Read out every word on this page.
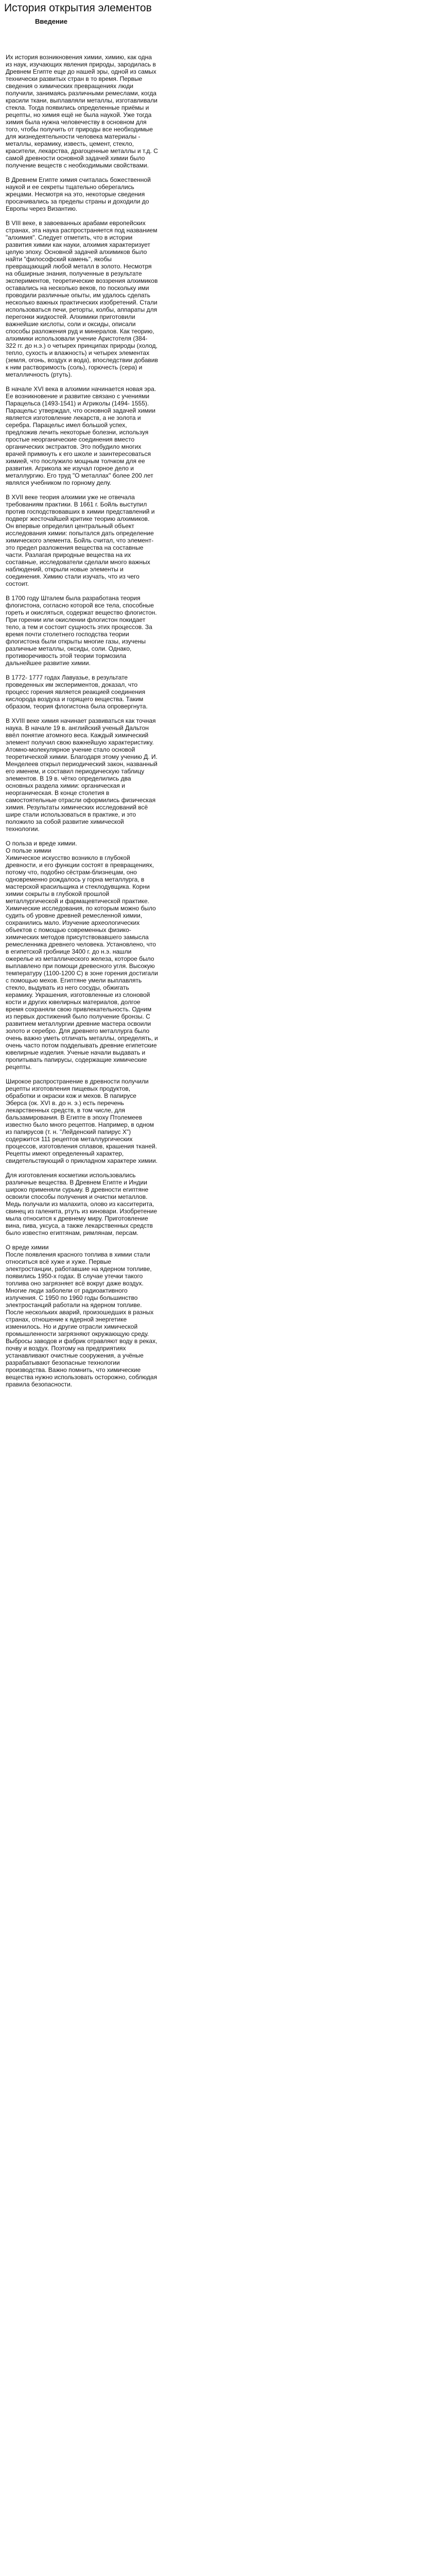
История открытия элементов
Введение

Их история возникновения химии, химию, как одна из наук, изучающих явления природы, зародилась в Древнем Египте еще до нашей эры, одной из самых технически развитых стран в то время. Первые сведения о химических превращениях люди получили, занимаясь различными ремеслами, когда красили ткани, выплавляли металлы, изготавливали стекла. Тогда появились определенные приёмы и рецепты, но химия ещё не была наукой. Уже тогда химия была нужна человечеству в основном для того, чтобы получить от природы все необходимые для жизнедеятельности человека материалы - металлы, керамику, известь, цемент, стекло, красители, лекарства, драгоценные металлы и т.д. С самой древности основной задачей химии было получение веществ с необходимыми свойствами.

В Древнем Египте химия считалась божественной наукой и ее секреты тщательно оберегались жрецами. Несмотря на это, некоторые сведения просачивались за пределы страны и доходили до Европы через Византию.

В VIII веке, в завоеванных арабами европейских странах, эта наука распространяется под названием "алхимия". Следует отметить, что в истории развития химии как науки, алхимия характеризует целую эпоху. Основной задачей алхимиков было найти "философский камень", якобы превращающий любой металл в золото. Несмотря на обширные знания, полученные в результате экспериментов, теоретические воззрения алхимиков оставались на несколько веков, по поскольку ими проводили различные опыты, им удалось сделать несколько важных практических изобретений. Стали использоваться печи, реторты, колбы, аппараты для перегонки жидкостей. Алхимики приготовили важнейшие кислоты, соли и оксиды, описали способы разложения руд и минералов. Как теорию, алхимики использовали учение Аристотеля (384- 322 гг. до н.э.) о четырех принципах природы (холод, тепло, сухость и влажность) и четырех элементах (земля, огонь, воздух и вода), впоследствии добавив к ним растворимость (соль), горючесть (сера) и металличность (ртуть).

В начале XVI века в алхимии начинается новая эра. Ее возникновение и развитие связано с учениями Парацельса (1493-1541) и Агриколы (1494- 1555). Парацельс утверждал, что основной задачей химии является изготовление лекарств, а не золота и серебра. Парацельс имел большой успех, предложив лечить некоторые болезни, используя простые неорганические соединения вместо органических экстрактов. Это побудило многих врачей примкнуть к его школе и заинтересоваться химией, что послужило мощным толчком для ее развития. Агрикола же изучал горное дело и металлургию. Его труд "О металлах" более 200 лет являлся учебником по горному делу.

В XVII веке теория алхимии уже не отвечала требованиям практики. В 1661 г. Бойль выступил против господствовавших в химии представлений и подверг жесточайшей критике теорию алхимиков. Он впервые определил центральный объект исследования химии: попытался дать определение химического элемента. Бойль считал, что элемент-это предел разложения вещества на составные части. Разлагая природные вещества на их составные, исследователи сделали много важных наблюдений, открыли новые элементы и соединения. Химию стали изучать, что из чего состоит.

В 1700 году Шталем была разработана теория флогистона, согласно которой все тела, способные гореть и окисляться, содержат вещество флогистон. При горении или окислении флогистон покидает тело, а тем и состоит сущность этих процессов. За время почти столетнего господства теории флогистона были открыты многие газы, изучены различные металлы, оксиды, соли. Однако, противоречивость этой теории тормозила дальнейшее развитие химии.

В 1772- 1777 годах Лавуазье, в результате проведенных им экспериментов, доказал, что процесс горения является реакцией соединения кислорода воздуха и горящего вещества. Таким образом, теория флогистона была опровергнута.

В XVIII веке химия начинает развиваться как точная наука. В начале 19 в. английский ученый Дальтон ввёл понятие атомного веса. Каждый химический элемент получил свою важнейшую характеристику. Атомно-молекулярное учение стало основой теоретической химии. Благодаря этому учению Д. И. Менделеев открыл периодический закон, названный его именем, и составил периодическую таблицу элементов. В 19 в. чётко определились два основных раздела химии: органическая и неорганическая. В конце столетия в самостоятельные отрасли оформились физическая химия. Результаты химических исследований всё шире стали использоваться в практике, и это положило за собой развитие химической технологии.

О польза и вреде химии.

О пользе химии

Химическое искусство возникло в глубокой древности, и его функции состоят в превращениях, потому что, подобно сёстрам-близнецам, оно одновременно рождалось у горна металлурга, в мастерской красильщика и стеклодувщика. Корни химии сокрыты в глубокой прошлой металлургической и фармацевтической практике. Химические исследования, по которым можно было судить об уровне древней ремесленной химии, сохранились мало. Изучение археологических объектов с помощью современных физико-химических методов присутствовавшего замысла ремесленника древнего человека. Установлено, что в египетской гробнице 3400 г. до н.э. нашли ожерелье из металлического железа, которое было выплавлено при помощи древесного угля. Высокую температуру (1100-1200 С) в зоне горения достигали с помощью мехов. Египтяне умели выплавлять стекло, выдувать из него сосуды, обжигать керамику. Украшения, изготовленные из слоновой кости и других ювелирных материалов, долгое время сохраняли свою привлекательность. Одним из первых достижений было получение бронзы. С развитием металлургии древние мастера освоили золото и серебро. Для древнего металлурга было очень важно уметь отличать металлы, определять, и очень часто потом подделывать древние египетские ювелирные изделия. Ученые начали выдавать и пропитывать папирусы, содержащие химические рецепты.

Широкое распространение в древности получили рецепты изготовления пищевых продуктов, обработки и окраски кож и мехов. В папирусе Эберса (ок. XVI в. до н. э.) есть перечень лекарственных средств, в том числе, для бальзамирования. В Египте в эпоху Птолемеев известно было много рецептов. Например, в одном из папирусов (т. н. "Лейденский папирус X") содержится 111 рецептов металлургических процессов, изготовления сплавов, крашения тканей. Рецепты имеют определенный характер, свидетельствующий о прикладном характере химии.

Для изготовления косметики использовались различные вещества. В Древнем Египте и Индии широко применяли сурьму. В древности египтяне освоили способы получения и очистки металлов. Медь получали из малахита, олово из касситерита, свинец из галенита, ртуть из киновари. Изобретение мыла относится к древнему миру. Приготовление вина, пива, уксуса, а также лекарственных средств было известно египтянам, римлянам, персам.

О вреде химии

После появления красного топлива в химии стали относиться всё хуже и хуже. Первые электростанции, работавшие на ядерном топливе, появились 1950-х годах. В случае утечки такого топлива оно загрязняет всё вокруг даже воздух. Многие люди заболели от радиоактивного излучения. С 1950 по 1960 годы большинство электростанций работали на ядерном топливе. После нескольких аварий, произошедших в разных странах, отношение к ядерной энергетике изменилось. Но и другие отрасли химической промышленности загрязняют окружающую среду. Выбросы заводов и фабрик отравляют воду в реках, почву и воздух. Поэтому на предприятиях устанавливают очистные сооружения, а учёные разрабатывают безопасные технологии производства. Важно помнить, что химические вещества нужно использовать осторожно, соблюдая правила безопасности.
